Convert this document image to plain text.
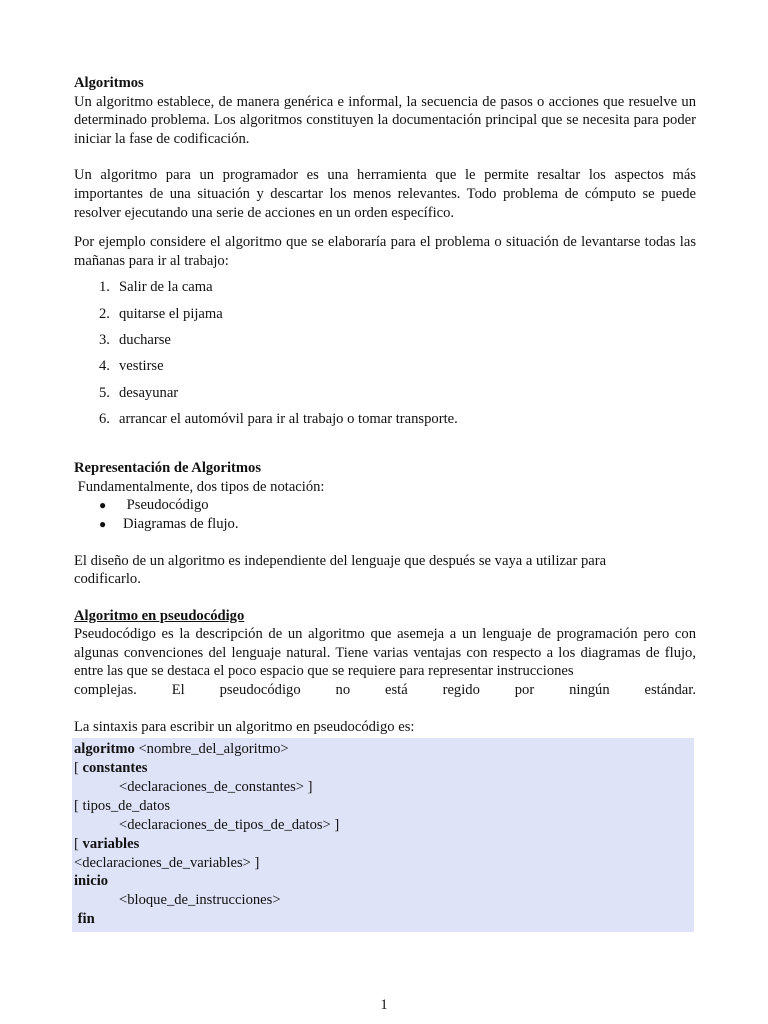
Algoritmos

Un algoritmo establece, de manera genérica e informal, la secuencia de pasos o acciones que resuelve un determinado problema. Los algoritmos constituyen la documentación principal que se necesita para poder iniciar la fase de codificación.

Un algoritmo para un programador es una herramienta que le permite resaltar los aspectos más importantes de una situación y descartar los menos relevantes. Todo problema de cómputo se puede resolver ejecutando una serie de acciones en un orden específico.

Por ejemplo considere el algoritmo que se elaboraría para el problema o situación de levantarse todas las mañanas para ir al trabajo:

1. Salir de la cama
2. quitarse el pijama
3. ducharse
4. vestirse
5. desayunar
6. arrancar el automóvil para ir al trabajo o tomar transporte.
Representación de Algoritmos

Fundamentalmente, dos tipos de notación:

● Pseudocódigo
● Diagramas de flujo.

El diseño de un algoritmo es independiente del lenguaje que después se vaya a utilizar para codificarlo.

Algoritmo en pseudocódigo

Pseudocódigo es la descripción de un algoritmo que asemeja a un lenguaje de programación pero con algunas convenciones del lenguaje natural. Tiene varias ventajas con respecto a los diagramas de flujo, entre las que se destaca el poco espacio que se requiere para representar instrucciones

complejas. El pseudocódigo no está regido por ningún estándar.

La sintaxis para escribir un algoritmo en pseudocódigo es:

algoritmo <nombre_del_algoritmo>
[ constantes
<declaraciones_de_constantes> ]
[ tipos_de_datos
<declaraciones_de_tipos_de_datos> ]
[ variables
<declaraciones_de_variables> ]
inicio
<bloque_de_instrucciones>
fin
1
